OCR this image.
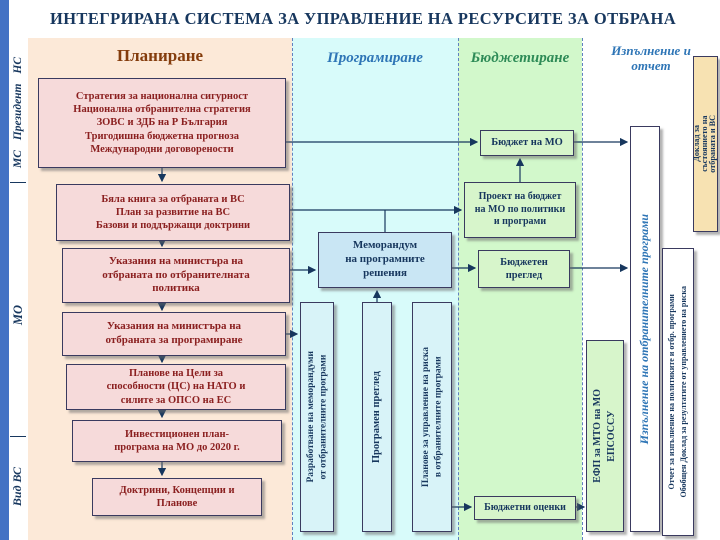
ИНТЕГРИРАНА СИСТЕМА ЗА УПРАВЛЕНИЕ НА РЕСУРСИТЕ ЗА ОТБРАНА
МС Президент НС
МО
Вид ВС
Планиране	Програмиране	Бюджетиране	Изпълнение и
отчет
Стратегия за национална сигурност
Национална отбранителна стратегия
ЗОВС и ЗДБ на Р България
Тригодишна бюджетна прогноза
Международни договорености
Бяла книга за отбраната и ВС
План за развитие на ВС
Базови и поддържащи доктрини
Указания на министъра на
отбраната по отбранителната
политика
Указания на министъра на
отбраната за програмиране
Планове на Цели за
способности (ЦС) на НАТО и
силите за ОПСО на ЕС
Инвестиционен план-
програма на МО до 2020 г.
Доктрини, Концепции и
Планове
Меморандум
на програмните
решения
Разработване на меморандуми от отбранителните програми	Програмен преглед	Планове за управление на риска в отбранителните програми
Бюджет на МО
Проект на бюджет
на МО по политики
и програми
Бюджетен
преглед
Бюджетни оценки
ЕФП за МТО на МО ЕПСОССУ Изпълнение на отбранителните програми Отчет за изпълнение на политиките и отбр. програми Обобщен Доклад за резултатите от управлението на риска
Доклад за състоянието на отбраната и ВС
